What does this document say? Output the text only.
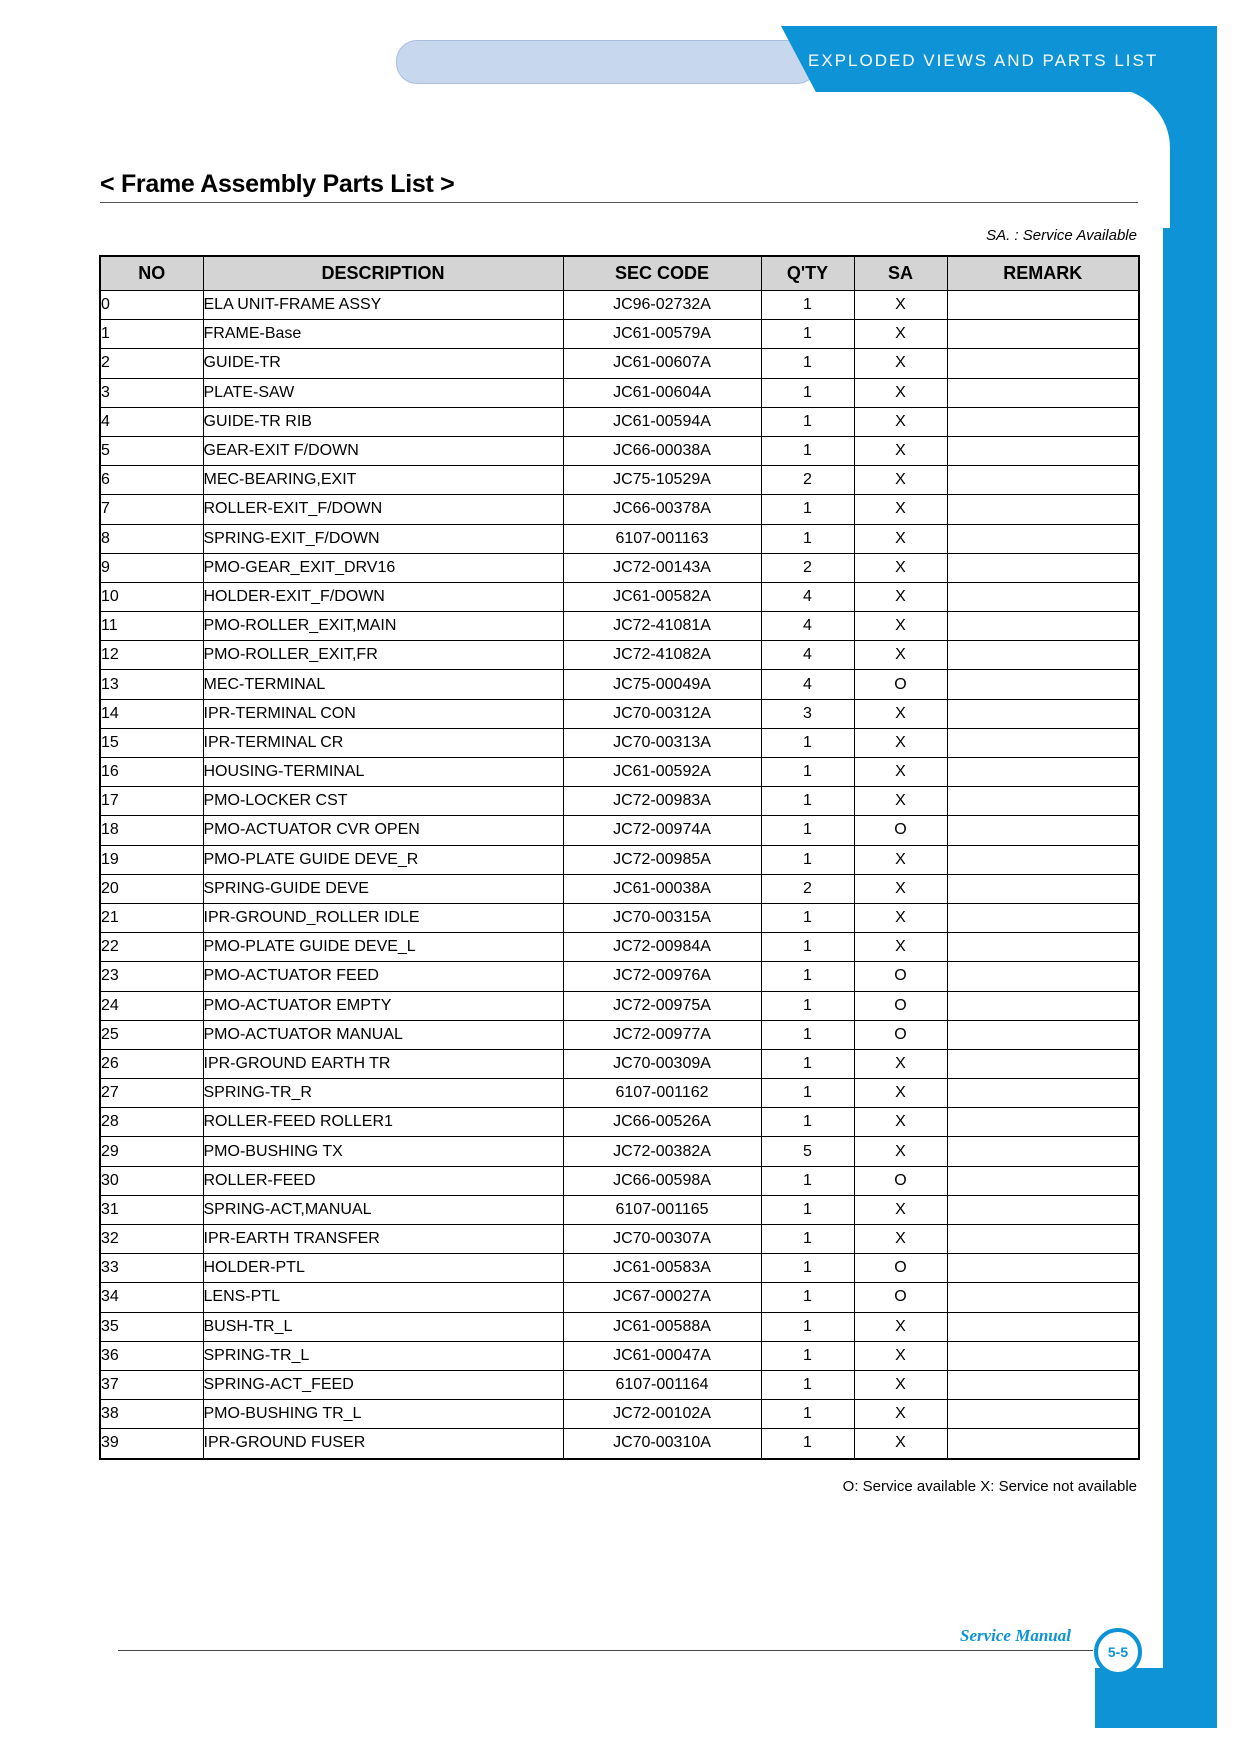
EXPLODED VIEWS AND PARTS LIST
< Frame Assembly Parts List >
SA. : Service Available
NO	DESCRIPTION	SEC CODE	Q'TY	SA	REMARK
0	ELA UNIT-FRAME ASSY	JC96-02732A	1	X	
1	FRAME-Base	JC61-00579A	1	X	
2	GUIDE-TR	JC61-00607A	1	X	
3	PLATE-SAW	JC61-00604A	1	X	
4	GUIDE-TR RIB	JC61-00594A	1	X	
5	GEAR-EXIT F/DOWN	JC66-00038A	1	X	
6	MEC-BEARING,EXIT	JC75-10529A	2	X	
7	ROLLER-EXIT_F/DOWN	JC66-00378A	1	X	
8	SPRING-EXIT_F/DOWN	6107-001163	1	X	
9	PMO-GEAR_EXIT_DRV16	JC72-00143A	2	X	
10	HOLDER-EXIT_F/DOWN	JC61-00582A	4	X	
11	PMO-ROLLER_EXIT,MAIN	JC72-41081A	4	X	
12	PMO-ROLLER_EXIT,FR	JC72-41082A	4	X	
13	MEC-TERMINAL	JC75-00049A	4	O	
14	IPR-TERMINAL CON	JC70-00312A	3	X	
15	IPR-TERMINAL CR	JC70-00313A	1	X	
16	HOUSING-TERMINAL	JC61-00592A	1	X	
17	PMO-LOCKER CST	JC72-00983A	1	X	
18	PMO-ACTUATOR CVR OPEN	JC72-00974A	1	O	
19	PMO-PLATE GUIDE DEVE_R	JC72-00985A	1	X	
20	SPRING-GUIDE DEVE	JC61-00038A	2	X	
21	IPR-GROUND_ROLLER IDLE	JC70-00315A	1	X	
22	PMO-PLATE GUIDE DEVE_L	JC72-00984A	1	X	
23	PMO-ACTUATOR FEED	JC72-00976A	1	O	
24	PMO-ACTUATOR EMPTY	JC72-00975A	1	O	
25	PMO-ACTUATOR MANUAL	JC72-00977A	1	O	
26	IPR-GROUND EARTH TR	JC70-00309A	1	X	
27	SPRING-TR_R	6107-001162	1	X	
28	ROLLER-FEED ROLLER1	JC66-00526A	1	X	
29	PMO-BUSHING TX	JC72-00382A	5	X	
30	ROLLER-FEED	JC66-00598A	1	O	
31	SPRING-ACT,MANUAL	6107-001165	1	X	
32	IPR-EARTH TRANSFER	JC70-00307A	1	X	
33	HOLDER-PTL	JC61-00583A	1	O	
34	LENS-PTL	JC67-00027A	1	O	
35	BUSH-TR_L	JC61-00588A	1	X	
36	SPRING-TR_L	JC61-00047A	1	X	
37	SPRING-ACT_FEED	6107-001164	1	X	
38	PMO-BUSHING TR_L	JC72-00102A	1	X	
39	IPR-GROUND FUSER	JC70-00310A	1	X	
O: Service available X: Service not available
Service Manual
5-5
